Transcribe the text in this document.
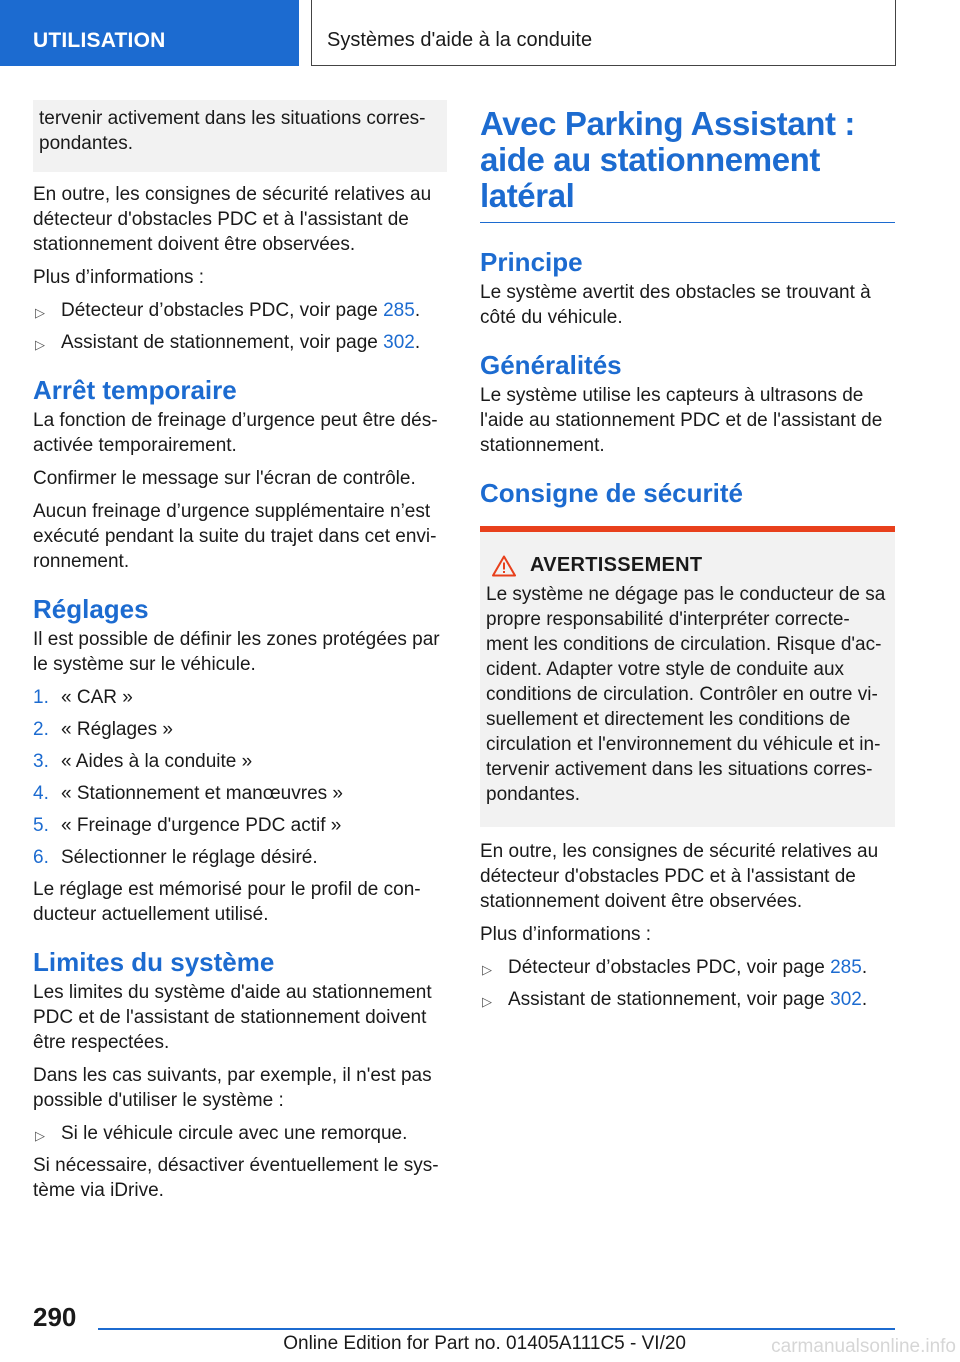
UTILISATION	Systèmes d'aide à la conduite

tervenir activement dans les situations corres-pondantes.

En outre, les consignes de sécurité relatives au détecteur d'obstacles PDC et à l'assistant de stationnement doivent être observées.

Plus d’informations :

▷ Détecteur d’obstacles PDC, voir page 285.
▷ Assistant de stationnement, voir page 302.
Arrêt temporaire

La fonction de freinage d’urgence peut être dés-activée temporairement.

Confirmer le message sur l'écran de contrôle.

Aucun freinage d’urgence supplémentaire n’est exécuté pendant la suite du trajet dans cet envi-ronnement.

Réglages

Il est possible de définir les zones protégées par le système sur le véhicule.

1. « CAR »
2. « Réglages »
3. « Aides à la conduite »
4. « Stationnement et manœuvres »
5. « Freinage d'urgence PDC actif »
6. Sélectionner le réglage désiré.

Le réglage est mémorisé pour le profil de con-ducteur actuellement utilisé.

Limites du système

Les limites du système d'aide au stationnement PDC et de l'assistant de stationnement doivent être respectées.

Dans les cas suivants, par exemple, il n'est pas possible d'utiliser le système :

▷ Si le véhicule circule avec une remorque.

Si nécessaire, désactiver éventuellement le sys-tème via iDrive.

Avec Parking Assistant : aide au stationnement latéral
Principe

Le système avertit des obstacles se trouvant à côté du véhicule.

Généralités

Le système utilise les capteurs à ultrasons de l'aide au stationnement PDC et de l'assistant de stationnement.

Consigne de sécurité
AVERTISSEMENT

Le système ne dégage pas le conducteur de sa propre responsabilité d'interpréter correcte-ment les conditions de circulation. Risque d'ac-cident. Adapter votre style de conduite aux conditions de circulation. Contrôler en outre vi-suellement et directement les conditions de circulation et l'environnement du véhicule et in-tervenir activement dans les situations corres-pondantes.

En outre, les consignes de sécurité relatives au détecteur d'obstacles PDC et à l'assistant de stationnement doivent être observées.

Plus d’informations :

▷ Détecteur d’obstacles PDC, voir page 285.
▷ Assistant de stationnement, voir page 302.
290
Online Edition for Part no. 01405A111C5 - VI/20	carmanualsonline.info
